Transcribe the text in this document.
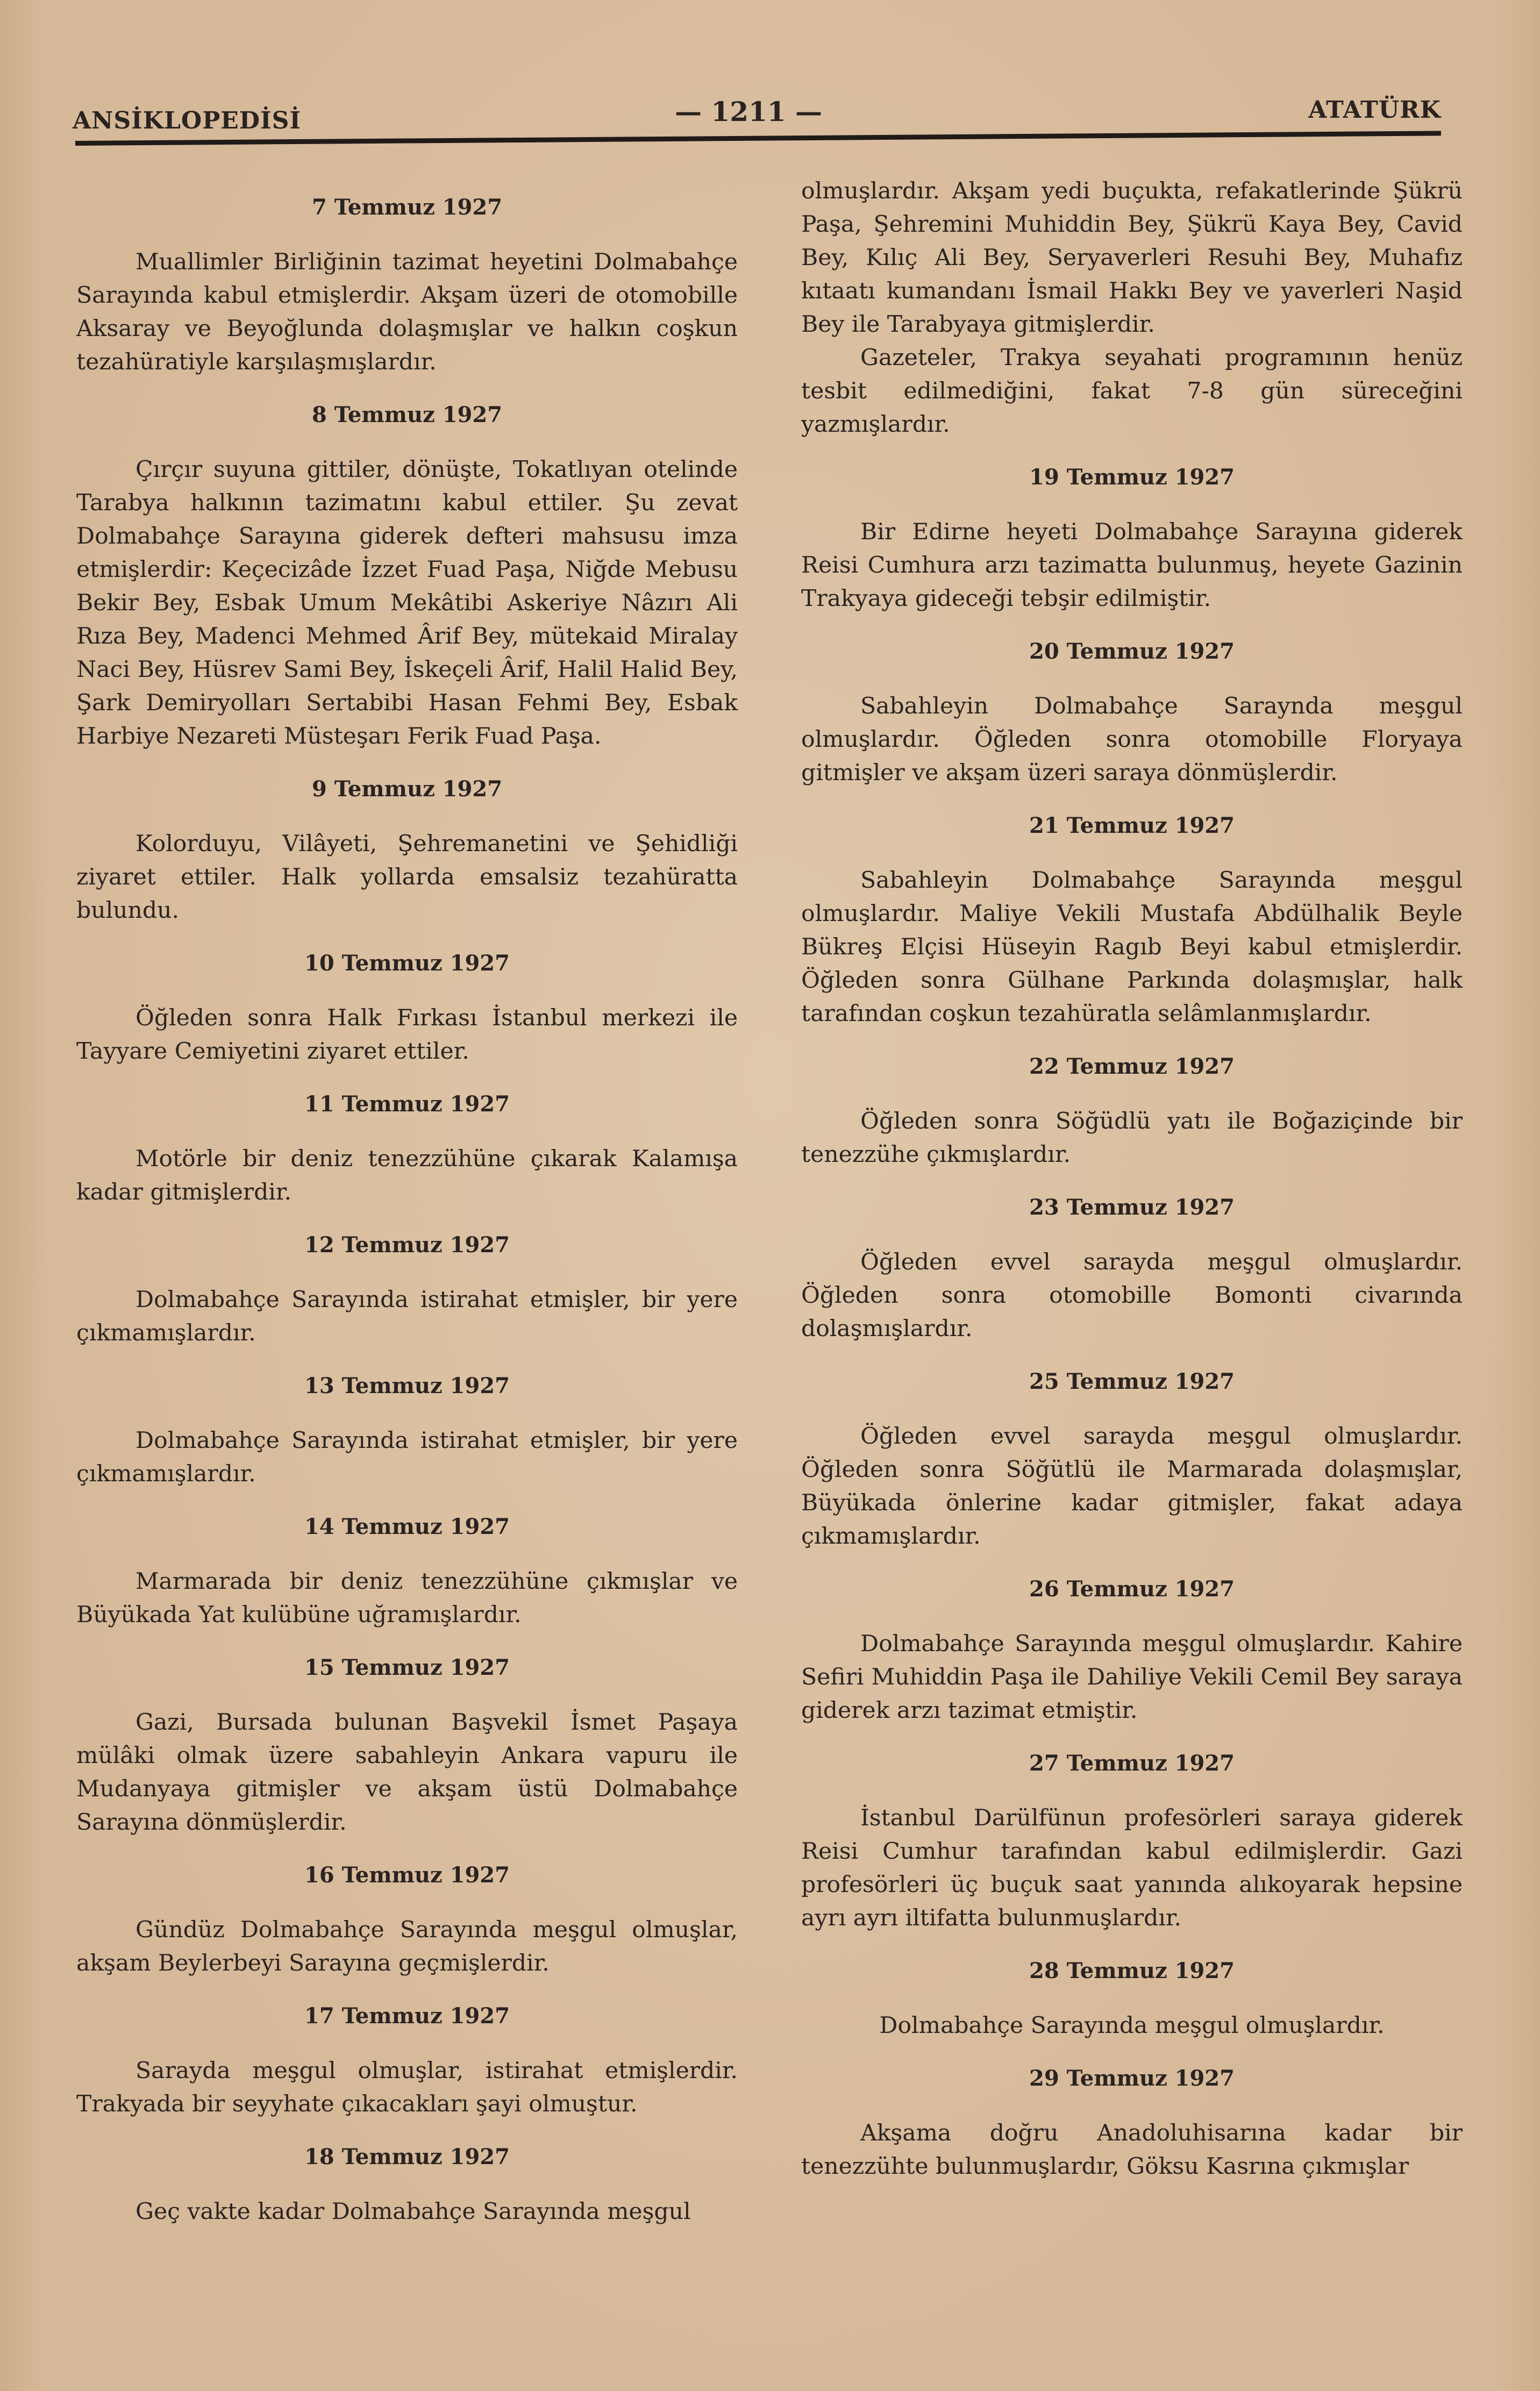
ANSİKLOPEDİSİ	— 1211 —	ATATÜRK
7 Temmuz 1927

Muallimler Birliğinin tazimat heyetini Dolmabahçe Sarayında kabul etmişlerdir. Akşam üzeri de otomobille Aksaray ve Beyoğlunda dolaşmışlar ve halkın coşkun tezahüratiyle karşılaşmışlardır.

8 Temmuz 1927

Çırçır suyuna gittiler, dönüşte, Tokatlıyan otelinde Tarabya halkının tazimatını kabul ettiler. Şu zevat Dolmabahçe Sarayına giderek defteri mahsusu imza etmişlerdir: Keçecizâde İzzet Fuad Paşa, Niğde Mebusu Bekir Bey, Esbak Umum Mekâtibi Askeriye Nâzırı Ali Rıza Bey, Madenci Mehmed Ârif Bey, mütekaid Miralay Naci Bey, Hüsrev Sami Bey, İskeçeli Ârif, Halil Halid Bey, Şark Demiryolları Sertabibi Hasan Fehmi Bey, Esbak Harbiye Nezareti Müsteşarı Ferik Fuad Paşa.

9 Temmuz 1927

Kolorduyu, Vilâyeti, Şehremanetini ve Şehidliği ziyaret ettiler. Halk yollarda emsalsiz tezahüratta bulundu.

10 Temmuz 1927

Öğleden sonra Halk Fırkası İstanbul merkezi ile Tayyare Cemiyetini ziyaret ettiler.

11 Temmuz 1927

Motörle bir deniz tenezzühüne çıkarak Kalamışa kadar gitmişlerdir.

12 Temmuz 1927

Dolmabahçe Sarayında istirahat etmişler, bir yere çıkmamışlardır.

13 Temmuz 1927

Dolmabahçe Sarayında istirahat etmişler, bir yere çıkmamışlardır.

14 Temmuz 1927

Marmarada bir deniz tenezzühüne çıkmışlar ve Büyükada Yat kulübüne uğramışlardır.

15 Temmuz 1927

Gazi, Bursada bulunan Başvekil İsmet Paşaya mülâki olmak üzere sabahleyin Ankara vapuru ile Mudanyaya gitmişler ve akşam üstü Dolmabahçe Sarayına dönmüşlerdir.

16 Temmuz 1927

Gündüz Dolmabahçe Sarayında meşgul olmuşlar, akşam Beylerbeyi Sarayına geçmişlerdir.

17 Temmuz 1927

Sarayda meşgul olmuşlar, istirahat etmişlerdir. Trakyada bir seyyhate çıkacakları şayi olmuştur.

18 Temmuz 1927

Geç vakte kadar Dolmabahçe Sarayında meşgul

olmuşlardır. Akşam yedi buçukta, refakatlerinde Şükrü Paşa, Şehremini Muhiddin Bey, Şükrü Kaya Bey, Cavid Bey, Kılıç Ali Bey, Seryaverleri Resuhi Bey, Muhafız kıtaatı kumandanı İsmail Hakkı Bey ve yaverleri Naşid Bey ile Tarabyaya gitmişlerdir.

Gazeteler, Trakya seyahati programının henüz tesbit edilmediğini, fakat 7-8 gün süreceğini yazmışlardır.

19 Temmuz 1927

Bir Edirne heyeti Dolmabahçe Sarayına giderek Reisi Cumhura arzı tazimatta bulunmuş, heyete Gazinin Trakyaya gideceği tebşir edilmiştir.

20 Temmuz 1927

Sabahleyin Dolmabahçe Saraynda meşgul olmuşlardır. Öğleden sonra otomobille Floryaya gitmişler ve akşam üzeri saraya dönmüşlerdir.

21 Temmuz 1927

Sabahleyin Dolmabahçe Sarayında meşgul olmuşlardır. Maliye Vekili Mustafa Abdülhalik Beyle Bükreş Elçisi Hüseyin Ragıb Beyi kabul etmişlerdir. Öğleden sonra Gülhane Parkında dolaşmışlar, halk tarafından coşkun tezahüratla selâmlanmışlardır.

22 Temmuz 1927

Öğleden sonra Söğüdlü yatı ile Boğaziçinde bir tenezzühe çıkmışlardır.

23 Temmuz 1927

Öğleden evvel sarayda meşgul olmuşlardır. Öğleden sonra otomobille Bomonti civarında dolaşmışlardır.

25 Temmuz 1927

Öğleden evvel sarayda meşgul olmuşlardır. Öğleden sonra Söğütlü ile Marmarada dolaşmışlar, Büyükada önlerine kadar gitmişler, fakat adaya çıkmamışlardır.

26 Temmuz 1927

Dolmabahçe Sarayında meşgul olmuşlardır. Kahire Sefiri Muhiddin Paşa ile Dahiliye Vekili Cemil Bey saraya giderek arzı tazimat etmiştir.

27 Temmuz 1927

İstanbul Darülfünun profesörleri saraya giderek Reisi Cumhur tarafından kabul edilmişlerdir. Gazi profesörleri üç buçuk saat yanında alıkoyarak hepsine ayrı ayrı iltifatta bulunmuşlardır.

28 Temmuz 1927

Dolmabahçe Sarayında meşgul olmuşlardır.

29 Temmuz 1927

Akşama doğru Anadoluhisarına kadar bir tenezzühte bulunmuşlardır, Göksu Kasrına çıkmışlar
